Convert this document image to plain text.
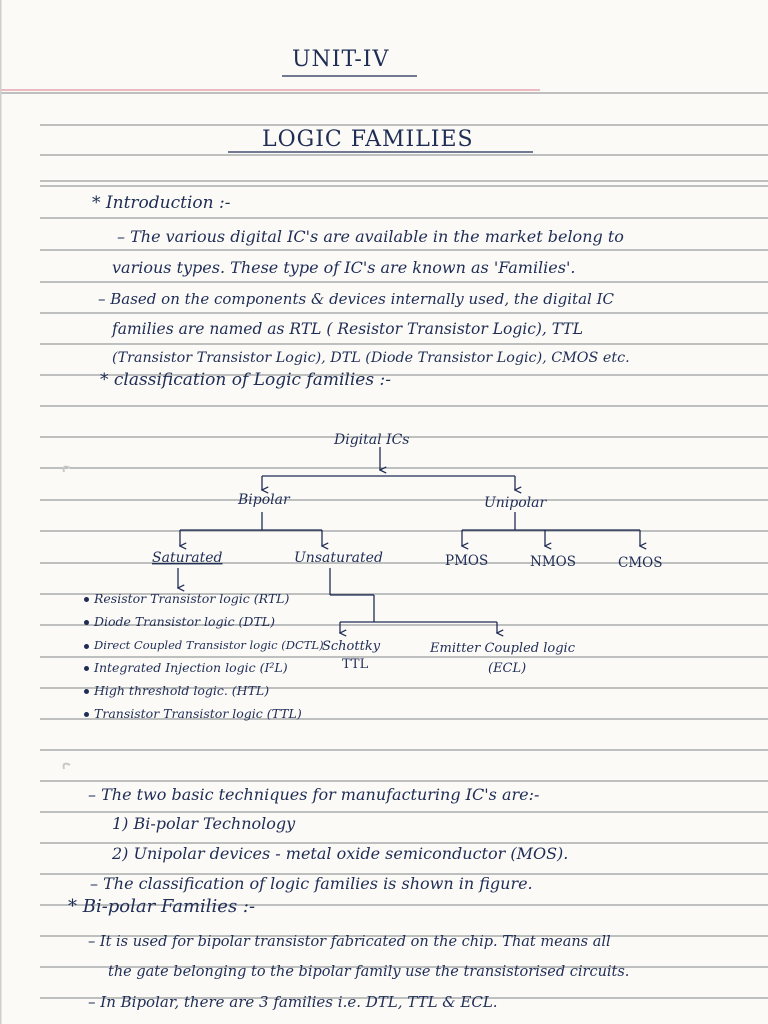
UNIT-IV
LOGIC FAMILIES
* Introduction :-
– The various digital IC's are available in the market belong to
various types. These type of IC's are known as 'Families'.
– Based on the components & devices internally used, the digital IC
families are named as RTL ( Resistor Transistor Logic), TTL
(Transistor Transistor Logic), DTL (Diode Transistor Logic), CMOS etc.
* classification of Logic families :-
Digital ICs
Bipolar	Unipolar
Saturated	Unsaturated	PMOS	NMOS	CMOS
Schottky
TTL
Emitter Coupled logic
(ECL)
Resistor Transistor logic (RTL)
Diode Transistor logic (DTL)
Direct Coupled Transistor logic (DCTL)
Integrated Injection logic (I²L)
High threshold logic. (HTL)
Transistor Transistor logic (TTL)
– The two basic techniques for manufacturing IC's are:-
1) Bi-polar Technology
2) Unipolar devices - metal oxide semiconductor (MOS).
– The classification of logic families is shown in figure.
* Bi-polar Families :-
– It is used for bipolar transistor fabricated on the chip. That means all
the gate belonging to the bipolar family use the transistorised circuits.
– In Bipolar, there are 3 families i.e. DTL, TTL & ECL.
